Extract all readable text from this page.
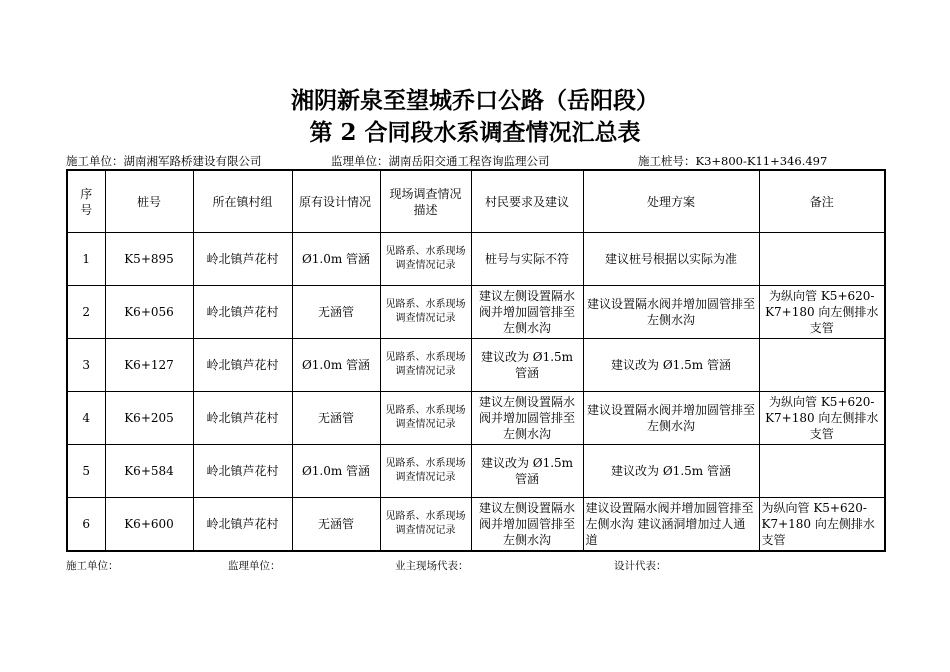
湘阴新泉至望城乔口公路（岳阳段）
第 2 合同段水系调查情况汇总表
施工单位：湖南湘军路桥建设有限公司	监理单位：湖南岳阳交通工程咨询监理公司	施工桩号：K3+800-K11+346.497
序号	桩号	所在镇村组	原有设计情况	现场调查情况描述	村民要求及建议	处理方案	备注
1	K5+895	岭北镇芦花村	Ø1.0m 管涵	见路系、水系现场调查情况记录	桩号与实际不符	建议桩号根据以实际为准	
2	K6+056	岭北镇芦花村	无涵管	见路系、水系现场调查情况记录	建议左侧设置隔水阀并增加圆管排至左侧水沟	建议设置隔水阀并增加圆管排至左侧水沟	为纵向管 K5+620-K7+180 向左侧排水支管
3	K6+127	岭北镇芦花村	Ø1.0m 管涵	见路系、水系现场调查情况记录	建议改为 Ø1.5m 管涵	建议改为 Ø1.5m 管涵	
4	K6+205	岭北镇芦花村	无涵管	见路系、水系现场调查情况记录	建议左侧设置隔水阀并增加圆管排至左侧水沟	建议设置隔水阀并增加圆管排至左侧水沟	为纵向管 K5+620-K7+180 向左侧排水支管
5	K6+584	岭北镇芦花村	Ø1.0m 管涵	见路系、水系现场调查情况记录	建议改为 Ø1.5m 管涵	建议改为 Ø1.5m 管涵	
6	K6+600	岭北镇芦花村	无涵管	见路系、水系现场调查情况记录	建议左侧设置隔水阀并增加圆管排至左侧水沟	建议设置隔水阀并增加圆管排至左侧水沟 建议涵洞增加过人通道	为纵向管 K5+620-K7+180 向左侧排水支管
施工单位：	监理单位：	业主现场代表：	设计代表：
